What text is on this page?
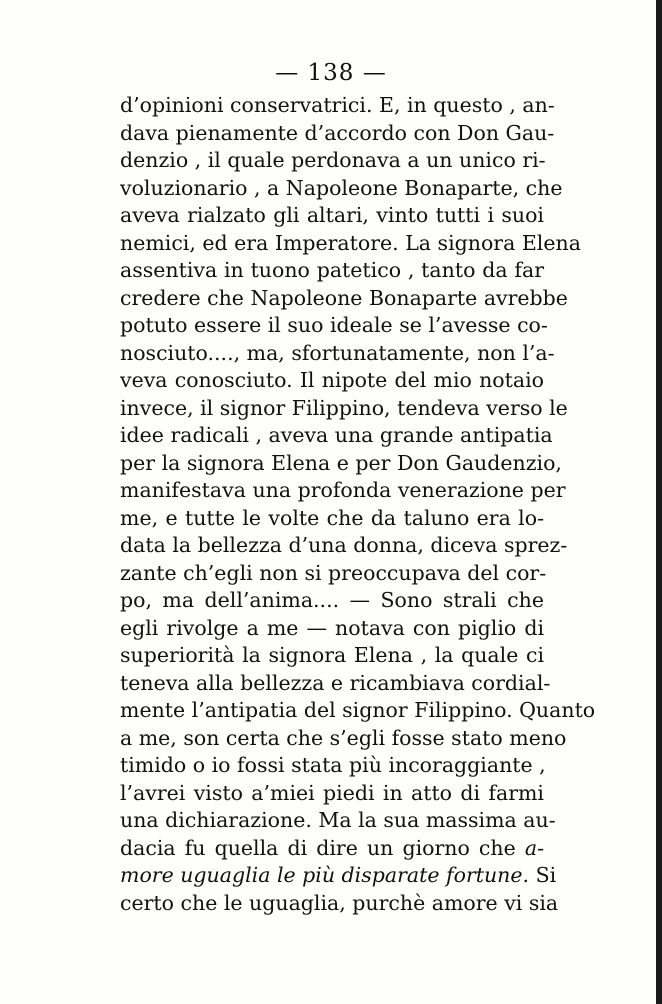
— 138 —
d’opinioni conservatrici. E, in questo , an-
dava pienamente d’accordo con Don Gau-
denzio , il quale perdonava a un unico ri-
voluzionario , a Napoleone Bonaparte, che
aveva rialzato gli altari, vinto tutti i suoi
nemici, ed era Imperatore. La signora Elena
assentiva in tuono patetico , tanto da far
credere che Napoleone Bonaparte avrebbe
potuto essere il suo ideale se l’avesse co-
nosciuto...., ma, sfortunatamente, non l’a-
veva conosciuto. Il nipote del mio notaio
invece, il signor Filippino, tendeva verso le
idee radicali , aveva una grande antipatia
per la signora Elena e per Don Gaudenzio,
manifestava una profonda venerazione per
me, e tutte le volte che da taluno era lo-
data la bellezza d’una donna, diceva sprez-
zante ch’egli non si preoccupava del cor-
po, ma dell’anima.... — Sono strali che
egli rivolge a me — notava con piglio di
superiorità la signora Elena , la quale ci
teneva alla bellezza e ricambiava cordial-
mente l’antipatia del signor Filippino. Quanto
a me, son certa che s’egli fosse stato meno
timido o io fossi stata più incoraggiante ,
l’avrei visto a’miei piedi in atto di farmi
una dichiarazione. Ma la sua massima au-
dacia fu quella di dire un giorno che a-
more uguaglia le più disparate fortune. Si
certo che le uguaglia, purchè amore vi sia
